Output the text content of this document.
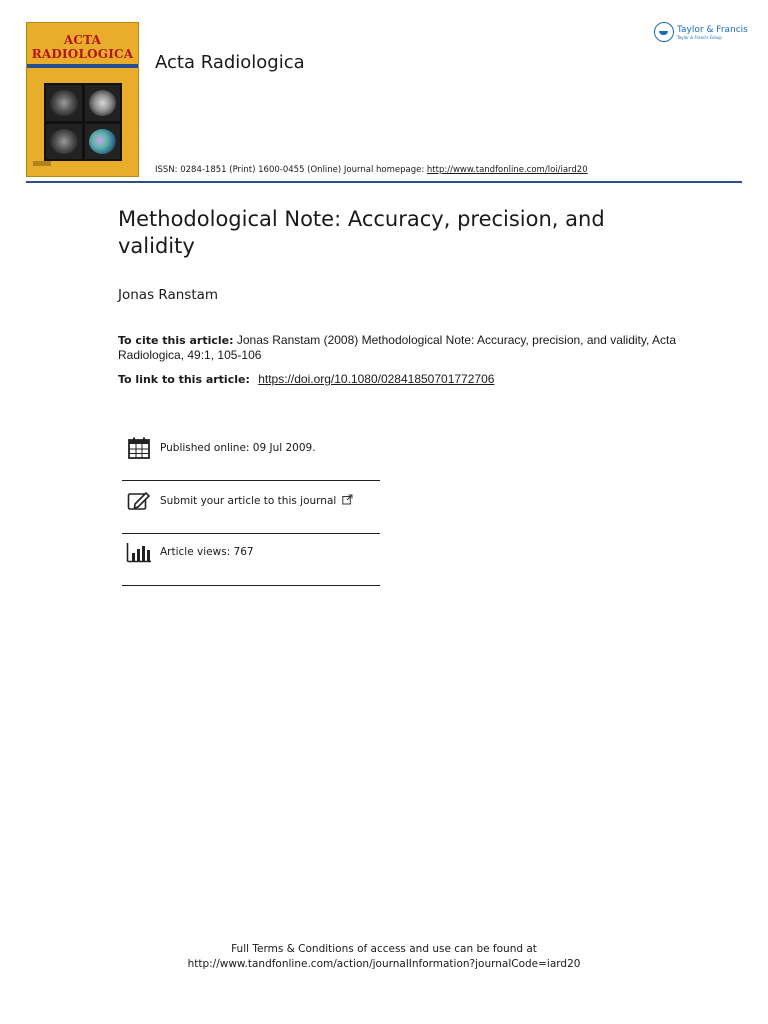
ACTA
RADIOLOGICA Acta Radiologica
Taylor & Francis
Taylor & Francis Group
ISSN: 0284-1851 (Print) 1600-0455 (Online) Journal homepage: http://www.tandfonline.com/loi/iard20
Methodological Note: Accuracy, precision, and validity
Jonas Ranstam
To cite this article: Jonas Ranstam (2008) Methodological Note: Accuracy, precision, and validity, Acta Radiologica, 49:1, 105-106
To link to this article: https://doi.org/10.1080/02841850701772706
Published online: 09 Jul 2009.
Submit your article to this journal
Article views: 767
Full Terms & Conditions of access and use can be found at
http://www.tandfonline.com/action/journalInformation?journalCode=iard20
